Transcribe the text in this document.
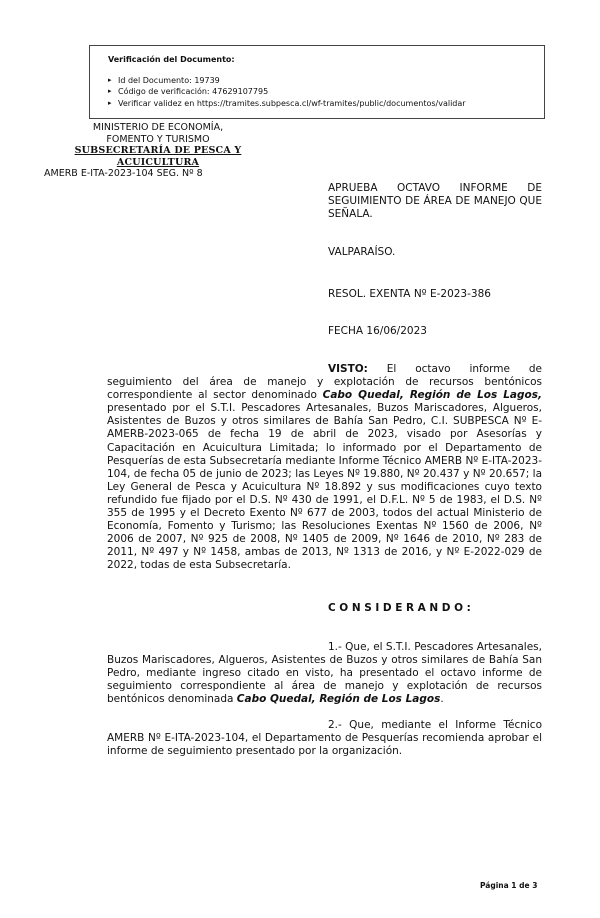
Verificación del Documento:
▸ Id del Documento: 19739
▸ Código de verificación: 47629107795
▸ Verificar validez en https://tramites.subpesca.cl/wf-tramites/public/documentos/validar
MINISTERIO DE ECONOMÍA,
FOMENTO Y TURISMO
SUBSECRETARÍA DE PESCA Y ACUICULTURA
AMERB E-ITA-2023-104 SEG. Nº 8
APRUEBA OCTAVO INFORME DE SEGUIMIENTO DE ÁREA DE MANEJO QUE SEÑALA.
VALPARAÍSO.
RESOL. EXENTA Nº E-2023-386
FECHA 16/06/2023
VISTO: El octavo informe de seguimiento del área de manejo y explotación de recursos bentónicos correspondiente al sector denominado Cabo Quedal, Región de Los Lagos, presentado por el S.T.I. Pescadores Artesanales, Buzos Mariscadores, Algueros, Asistentes de Buzos y otros similares de Bahía San Pedro, C.I. SUBPESCA Nº E-AMERB-2023-065 de fecha 19 de abril de 2023, visado por Asesorías y Capacitación en Acuicultura Limitada; lo informado por el Departamento de Pesquerías de esta Subsecretaría mediante Informe Técnico AMERB Nº E-ITA-2023-104, de fecha 05 de junio de 2023; las Leyes Nº 19.880, Nº 20.437 y Nº 20.657; la Ley General de Pesca y Acuicultura Nº 18.892 y sus modificaciones cuyo texto refundido fue fijado por el D.S. Nº 430 de 1991, el D.F.L. Nº 5 de 1983, el D.S. Nº 355 de 1995 y el Decreto Exento Nº 677 de 2003, todos del actual Ministerio de Economía, Fomento y Turismo; las Resoluciones Exentas Nº 1560 de 2006, Nº 2006 de 2007, Nº 925 de 2008, Nº 1405 de 2009, Nº 1646 de 2010, Nº 283 de 2011, Nº 497 y Nº 1458, ambas de 2013, Nº 1313 de 2016, y Nº E-2022-029 de 2022, todas de esta Subsecretaría.
CONSIDERANDO:
1.- Que, el S.T.I. Pescadores Artesanales, Buzos Mariscadores, Algueros, Asistentes de Buzos y otros similares de Bahía San Pedro, mediante ingreso citado en visto, ha presentado el octavo informe de seguimiento correspondiente al área de manejo y explotación de recursos bentónicos denominada Cabo Quedal, Región de Los Lagos.
2.- Que, mediante el Informe Técnico AMERB Nº E-ITA-2023-104, el Departamento de Pesquerías recomienda aprobar el informe de seguimiento presentado por la organización.
Página 1 de 3
